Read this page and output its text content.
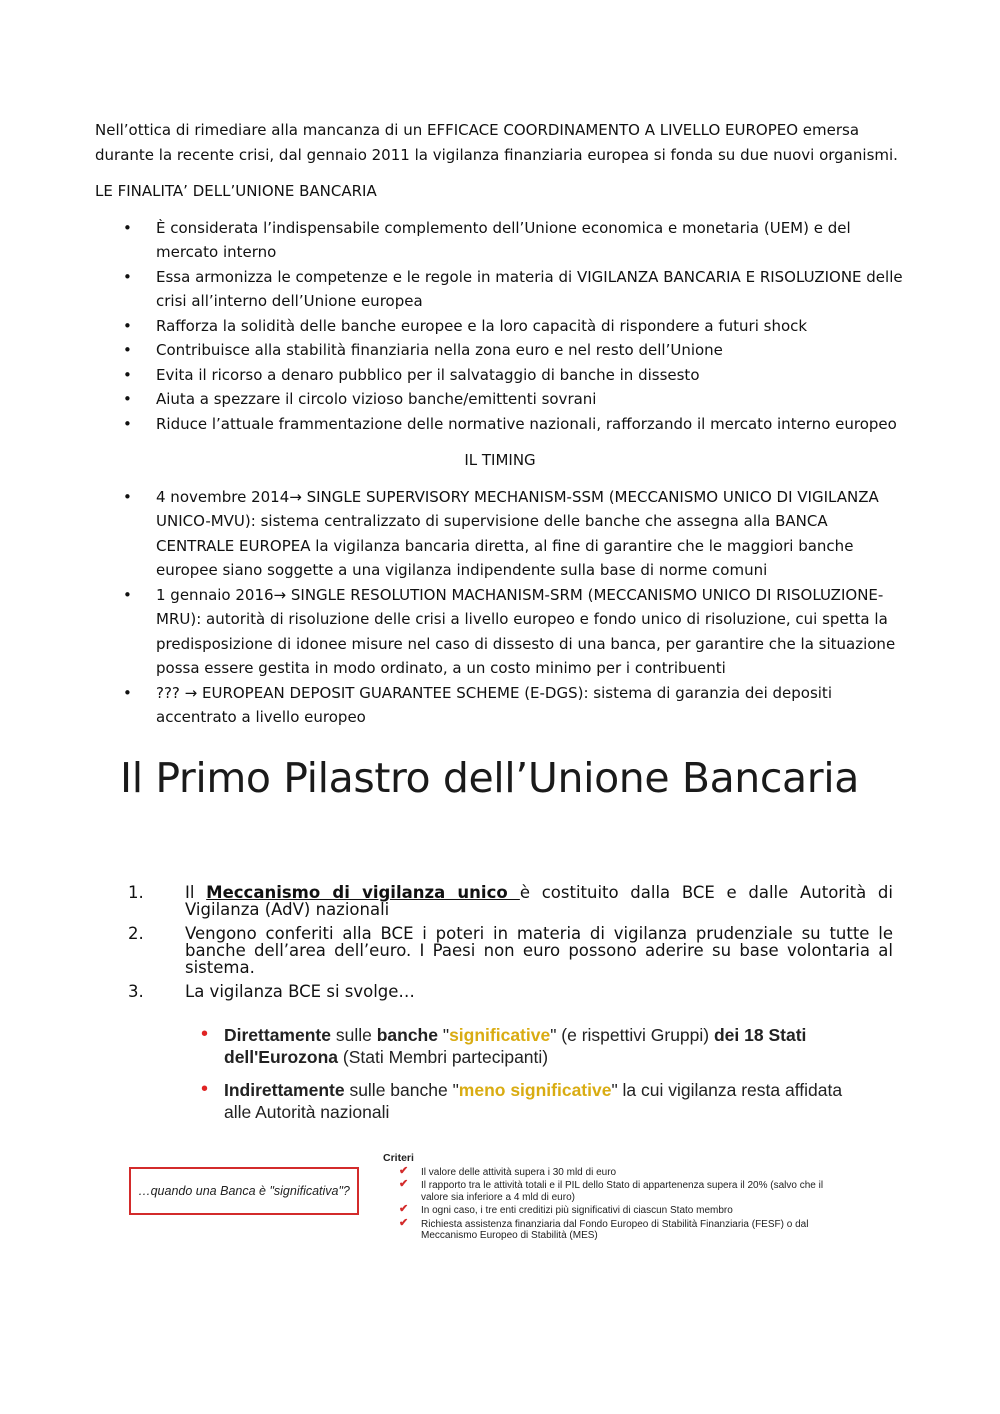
Nell’ottica di rimediare alla mancanza di un EFFICACE COORDINAMENTO A LIVELLO EUROPEO emersa durante la recente crisi, dal gennaio 2011 la vigilanza finanziaria europea si fonda su due nuovi organismi.

LE FINALITA’ DELL’UNIONE BANCARIA

• È considerata l’indispensabile complemento dell’Unione economica e monetaria (UEM) e del mercato interno
• Essa armonizza le competenze e le regole in materia di VIGILANZA BANCARIA E RISOLUZIONE delle crisi all’interno dell’Unione europea
• Rafforza la solidità delle banche europee e la loro capacità di rispondere a futuri shock
• Contribuisce alla stabilità finanziaria nella zona euro e nel resto dell’Unione
• Evita il ricorso a denaro pubblico per il salvataggio di banche in dissesto
• Aiuta a spezzare il circolo vizioso banche/emittenti sovrani
• Riduce l’attuale frammentazione delle normative nazionali, rafforzando il mercato interno europeo

IL TIMING

• 4 novembre 2014→ SINGLE SUPERVISORY MECHANISM-SSM (MECCANISMO UNICO DI VIGILANZA UNICO-MVU): sistema centralizzato di supervisione delle banche che assegna alla BANCA CENTRALE EUROPEA la vigilanza bancaria diretta, al fine di garantire che le maggiori banche europee siano soggette a una vigilanza indipendente sulla base di norme comuni
• 1 gennaio 2016→ SINGLE RESOLUTION MACHANISM-SRM (MECCANISMO UNICO DI RISOLUZIONE-MRU): autorità di risoluzione delle crisi a livello europeo e fondo unico di risoluzione, cui spetta la predisposizione di idonee misure nel caso di dissesto di una banca, per garantire che la situazione possa essere gestita in modo ordinato, a un costo minimo per i contribuenti
• ??? → EUROPEAN DEPOSIT GUARANTEE SCHEME (E-DGS): sistema di garanzia dei depositi accentrato a livello europeo
Il Primo Pilastro dell’Unione Bancaria
1.	Il Meccanismo di vigilanza unico è costituito dalla BCE e dalle Autorità di Vigilanza (AdV) nazionali
2.	Vengono conferiti alla BCE i poteri in materia di vigilanza prudenziale su tutte le banche dell’area dell’euro. I Paesi non euro possono aderire su base volontaria al sistema.
3.	La vigilanza BCE si svolge…
• Direttamente sulle banche "significative" (e rispettivi Gruppi) dei 18 Stati dell'Eurozona (Stati Membri partecipanti)
• Indirettamente sulle banche "meno significative" la cui vigilanza resta affidata alle Autorità nazionali
…quando una Banca è "significativa"?

Criteri

✔ Il valore delle attività supera i 30 mld di euro
✔ Il rapporto tra le attività totali e il PIL dello Stato di appartenenza supera il 20% (salvo che il valore sia inferiore a 4 mld di euro)
✔ In ogni caso, i tre enti creditizi più significativi di ciascun Stato membro
✔ Richiesta assistenza finanziaria dal Fondo Europeo di Stabilità Finanziaria (FESF) o dal Meccanismo Europeo di Stabilità (MES)
